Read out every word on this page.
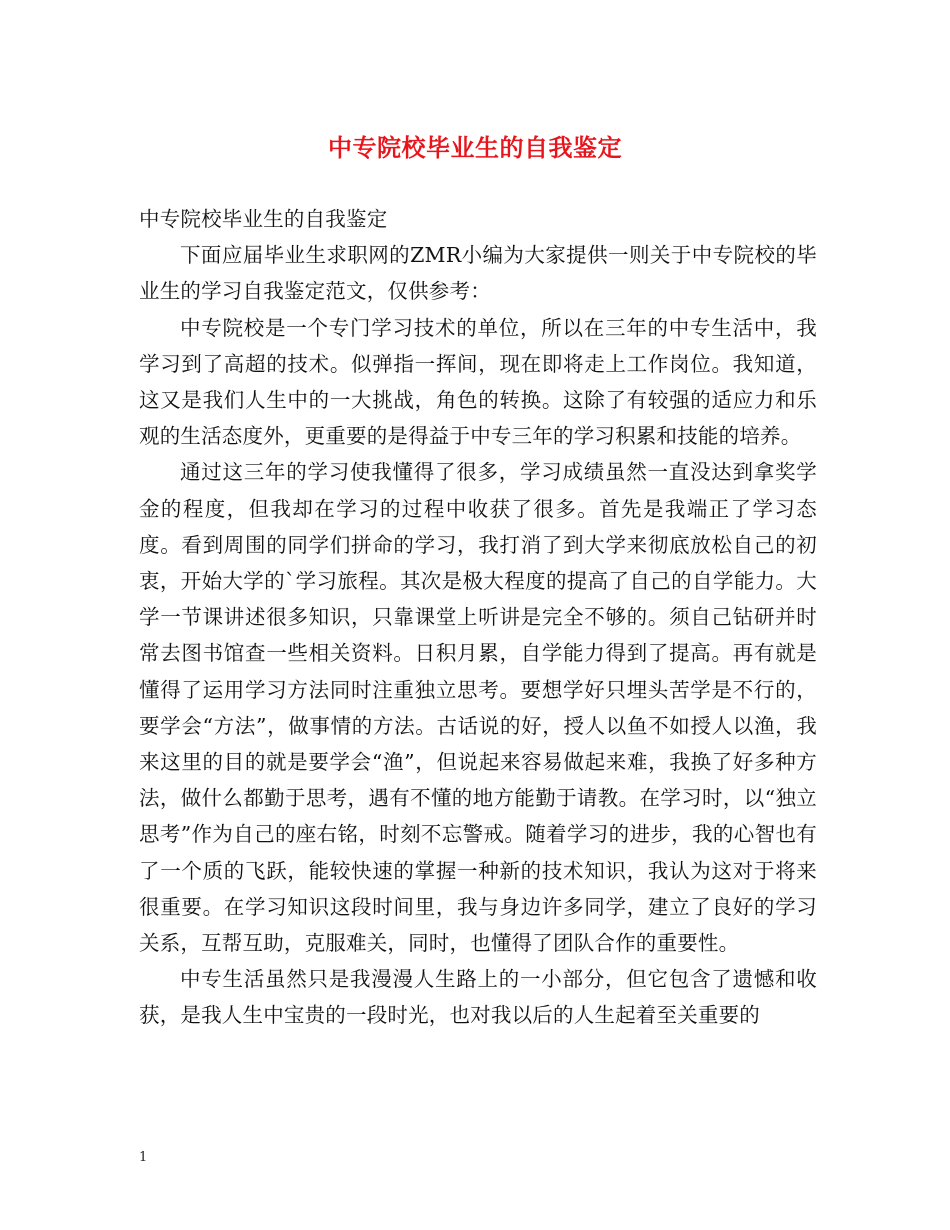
中专院校毕业生的自我鉴定

中专院校毕业生的自我鉴定

下面应届毕业生求职网的ZMR小编为大家提供一则关于中专院校的毕业生的学习自我鉴定范文，仅供参考：

中专院校是一个专门学习技术的单位，所以在三年的中专生活中，我学习到了高超的技术。似弹指一挥间，现在即将走上工作岗位。我知道，这又是我们人生中的一大挑战，角色的转换。这除了有较强的适应力和乐观的生活态度外，更重要的是得益于中专三年的学习积累和技能的培养。

通过这三年的学习使我懂得了很多，学习成绩虽然一直没达到拿奖学金的程度，但我却在学习的过程中收获了很多。首先是我端正了学习态度。看到周围的同学们拼命的学习，我打消了到大学来彻底放松自己的初衷，开始大学的`学习旅程。其次是极大程度的提高了自己的自学能力。大学一节课讲述很多知识，只靠课堂上听讲是完全不够的。须自己钻研并时常去图书馆查一些相关资料。日积月累，自学能力得到了提高。再有就是懂得了运用学习方法同时注重独立思考。要想学好只埋头苦学是不行的，要学会“方法”，做事情的方法。古话说的好，授人以鱼不如授人以渔，我来这里的目的就是要学会“渔”，但说起来容易做起来难，我换了好多种方法，做什么都勤于思考，遇有不懂的地方能勤于请教。在学习时，以“独立思考”作为自己的座右铭，时刻不忘警戒。随着学习的进步，我的心智也有了一个质的飞跃，能较快速的掌握一种新的技术知识，我认为这对于将来很重要。在学习知识这段时间里，我与身边许多同学，建立了良好的学习关系，互帮互助，克服难关，同时，也懂得了团队合作的重要性。

中专生活虽然只是我漫漫人生路上的一小部分，但它包含了遗憾和收获，是我人生中宝贵的一段时光，也对我以后的人生起着至关重要的

1
